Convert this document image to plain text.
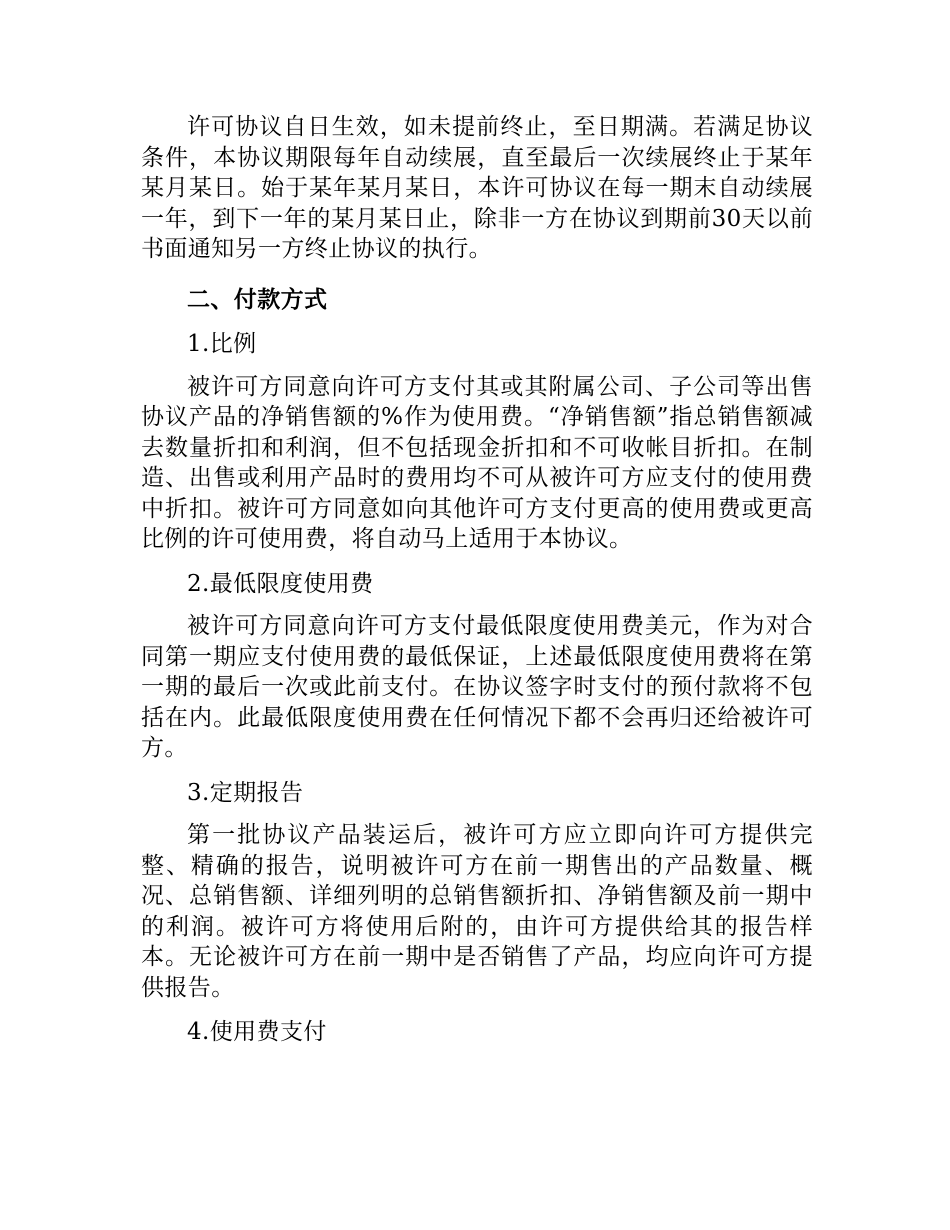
许可协议自日生效，如未提前终止，至日期满。若满足协议条件，本协议期限每年自动续展，直至最后一次续展终止于某年某月某日。始于某年某月某日，本许可协议在每一期末自动续展一年，到下一年的某月某日止，除非一方在协议到期前30天以前书面通知另一方终止协议的执行。

二、付款方式

1.比例

被许可方同意向许可方支付其或其附属公司、子公司等出售协议产品的净销售额的%作为使用费。“净销售额”指总销售额减去数量折扣和利润，但不包括现金折扣和不可收帐目折扣。在制造、出售或利用产品时的费用均不可从被许可方应支付的使用费中折扣。被许可方同意如向其他许可方支付更高的使用费或更高比例的许可使用费，将自动马上适用于本协议。

2.最低限度使用费

被许可方同意向许可方支付最低限度使用费美元，作为对合同第一期应支付使用费的最低保证，上述最低限度使用费将在第一期的最后一次或此前支付。在协议签字时支付的预付款将不包括在内。此最低限度使用费在任何情况下都不会再归还给被许可方。

3.定期报告

第一批协议产品装运后，被许可方应立即向许可方提供完整、精确的报告，说明被许可方在前一期售出的产品数量、概况、总销售额、详细列明的总销售额折扣、净销售额及前一期中的利润。被许可方将使用后附的，由许可方提供给其的报告样本。无论被许可方在前一期中是否销售了产品，均应向许可方提供报告。

4.使用费支付
